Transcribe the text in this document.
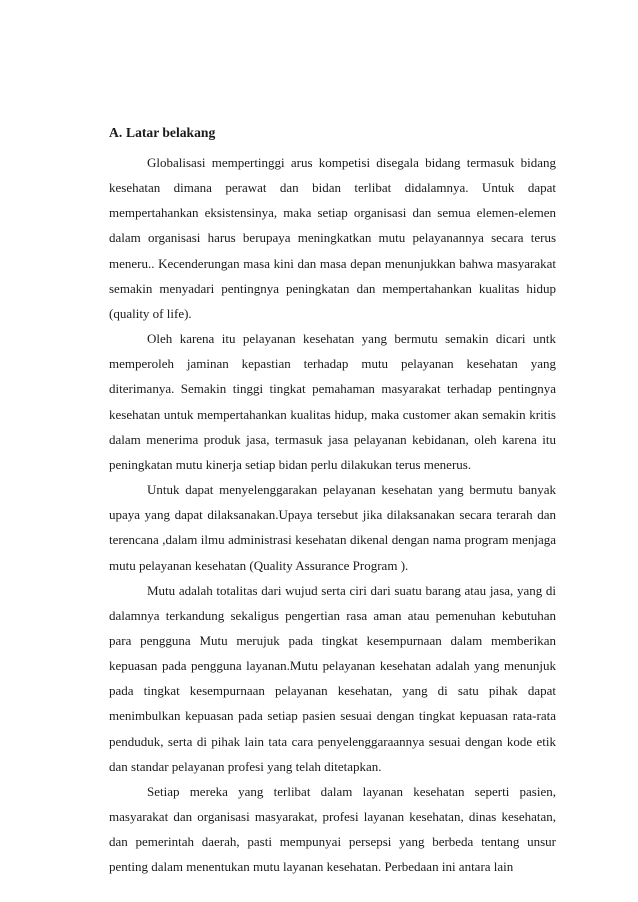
A. Latar belakang

Globalisasi mempertinggi arus kompetisi disegala bidang termasuk bidang kesehatan dimana perawat dan bidan terlibat didalamnya. Untuk dapat mempertahankan eksistensinya, maka setiap organisasi dan semua elemen-elemen dalam organisasi harus berupaya meningkatkan mutu pelayanannya secara terus meneru.. Kecenderungan masa kini dan masa depan menunjukkan bahwa masyarakat semakin menyadari pentingnya peningkatan dan mempertahankan kualitas hidup (quality of life).

Oleh karena itu pelayanan kesehatan yang bermutu semakin dicari untk memperoleh jaminan kepastian terhadap mutu pelayanan kesehatan yang diterimanya. Semakin tinggi tingkat pemahaman masyarakat terhadap pentingnya kesehatan untuk mempertahankan kualitas hidup, maka customer akan semakin kritis dalam menerima produk jasa, termasuk jasa pelayanan kebidanan, oleh karena itu peningkatan mutu kinerja setiap bidan perlu dilakukan terus menerus.

Untuk dapat menyelenggarakan pelayanan kesehatan yang bermutu banyak upaya yang dapat dilaksanakan.Upaya tersebut jika dilaksanakan secara terarah dan terencana ,dalam ilmu administrasi kesehatan dikenal dengan nama program menjaga mutu pelayanan kesehatan (Quality Assurance Program ).

Mutu adalah totalitas dari wujud serta ciri dari suatu barang atau jasa, yang di dalamnya terkandung sekaligus pengertian rasa aman atau pemenuhan kebutuhan para pengguna Mutu merujuk pada tingkat kesempurnaan dalam memberikan kepuasan pada pengguna layanan.Mutu pelayanan kesehatan adalah yang menunjuk pada tingkat kesempurnaan pelayanan kesehatan, yang di satu pihak dapat menimbulkan kepuasan pada setiap pasien sesuai dengan tingkat kepuasan rata-rata penduduk, serta di pihak lain tata cara penyelenggaraannya sesuai dengan kode etik dan standar pelayanan profesi yang telah ditetapkan.

Setiap mereka yang terlibat dalam layanan kesehatan seperti pasien, masyarakat dan organisasi masyarakat, profesi layanan kesehatan, dinas kesehatan, dan pemerintah daerah, pasti mempunyai persepsi yang berbeda tentang unsur penting dalam menentukan mutu layanan kesehatan. Perbedaan ini antara lain
